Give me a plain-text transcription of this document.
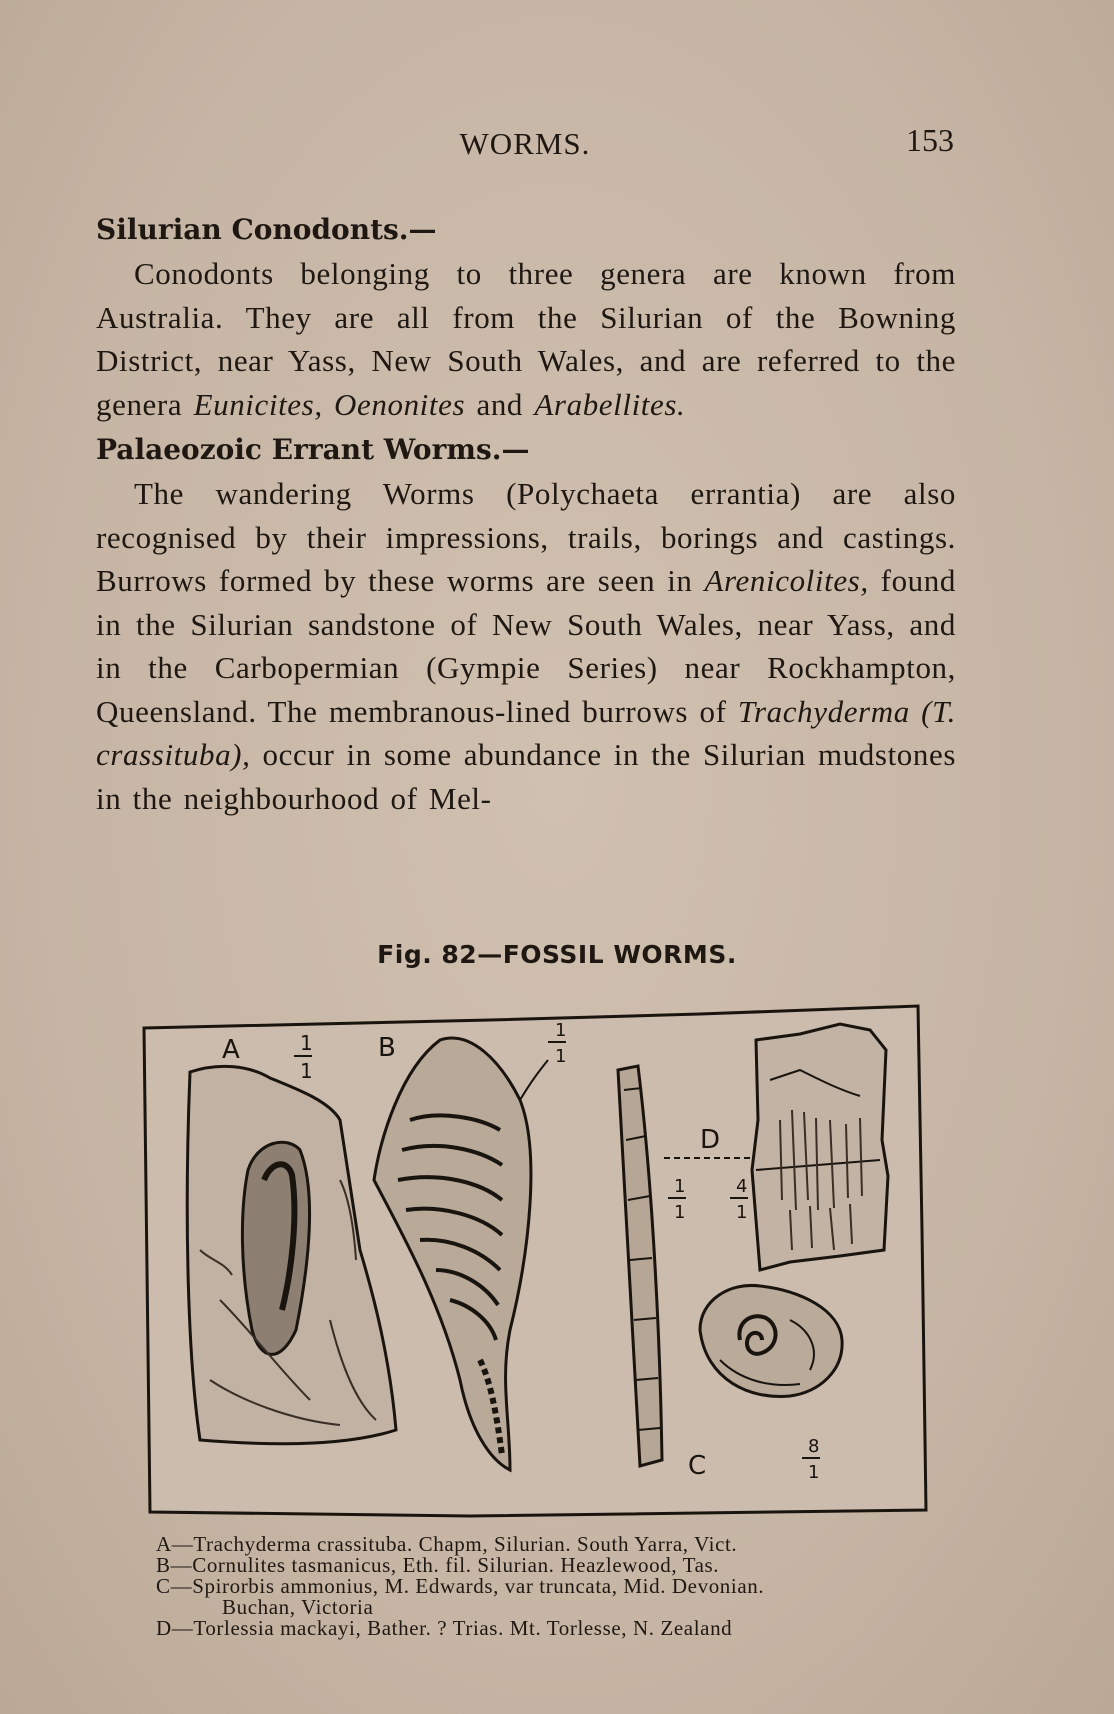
WORMS.	153
Silurian Conodonts.—

Conodonts belonging to three genera are known from Australia. They are all from the Silurian of the Bowning District, near Yass, New South Wales, and are referred to the genera Eunicites, Oenonites and Arabellites.

Palaeozoic Errant Worms.—

The wandering Worms (Polychaeta errantia) are also recognised by their impressions, trails, borings and castings. Burrows formed by these worms are seen in Arenicolites, found in the Silurian sandstone of New South Wales, near Yass, and in the Carbopermian (Gympie Series) near Rockhampton, Queensland. The membranous-lined burrows of Trachyderma (T. crassituba), occur in some abundance in the Silurian mudstones in the neighbourhood of Mel-

Fig. 82—FOSSIL WORMS.
A	1
1
B
1
1
D
1
1
4
1
C
8
1
A—Trachyderma crassituba. Chapm, Silurian. South Yarra, Vict.
B—Cornulites tasmanicus, Eth. fil. Silurian. Heazlewood, Tas.
C—Spirorbis ammonius, M. Edwards, var truncata, Mid. Devonian.
Buchan, Victoria
D—Torlessia mackayi, Bather. ? Trias. Mt. Torlesse, N. Zealand
